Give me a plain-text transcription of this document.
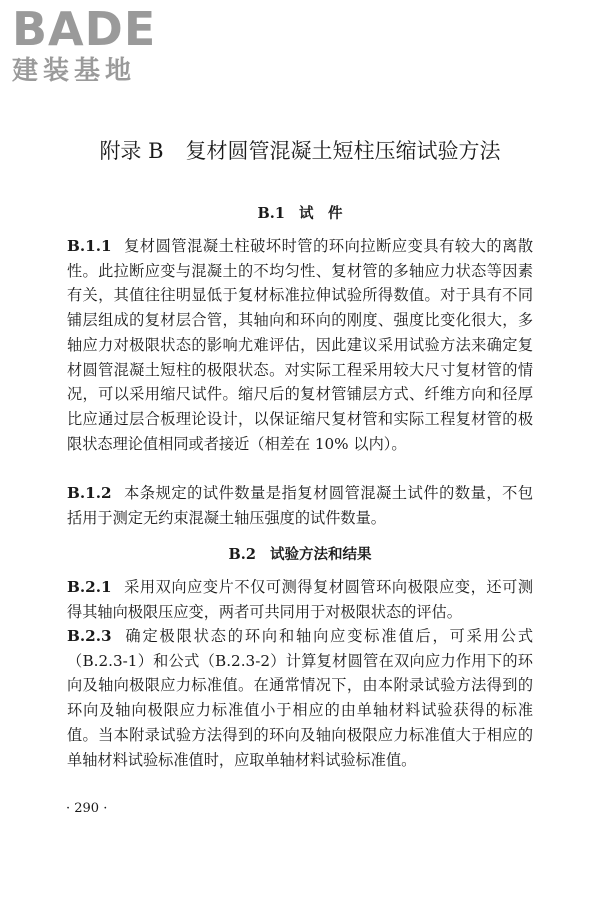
BADE
建装基地
附录 B 复材圆管混凝土短柱压缩试验方法
B.1 试　件
B.1.1 复材圆管混凝土柱破坏时管的环向拉断应变具有较大的离散性。此拉断应变与混凝土的不均匀性、复材管的多轴应力状态等因素有关，其值往往明显低于复材标准拉伸试验所得数值。对于具有不同铺层组成的复材层合管，其轴向和环向的刚度、强度比变化很大，多轴应力对极限状态的影响尤难评估，因此建议采用试验方法来确定复材圆管混凝土短柱的极限状态。对实际工程采用较大尺寸复材管的情况，可以采用缩尺试件。缩尺后的复材管铺层方式、纤维方向和径厚比应通过层合板理论设计，以保证缩尺复材管和实际工程复材管的极限状态理论值相同或者接近（相差在 10% 以内）。
B.1.2 本条规定的试件数量是指复材圆管混凝土试件的数量，不包括用于测定无约束混凝土轴压强度的试件数量。
B.2 试验方法和结果
B.2.1 采用双向应变片不仅可测得复材圆管环向极限应变，还可测得其轴向极限压应变，两者可共同用于对极限状态的评估。
B.2.3 确定极限状态的环向和轴向应变标准值后，可采用公式（B.2.3-1）和公式（B.2.3-2）计算复材圆管在双向应力作用下的环向及轴向极限应力标准值。在通常情况下，由本附录试验方法得到的环向及轴向极限应力标准值小于相应的由单轴材料试验获得的标准值。当本附录试验方法得到的环向及轴向极限应力标准值大于相应的单轴材料试验标准值时，应取单轴材料试验标准值。
· 290 ·
